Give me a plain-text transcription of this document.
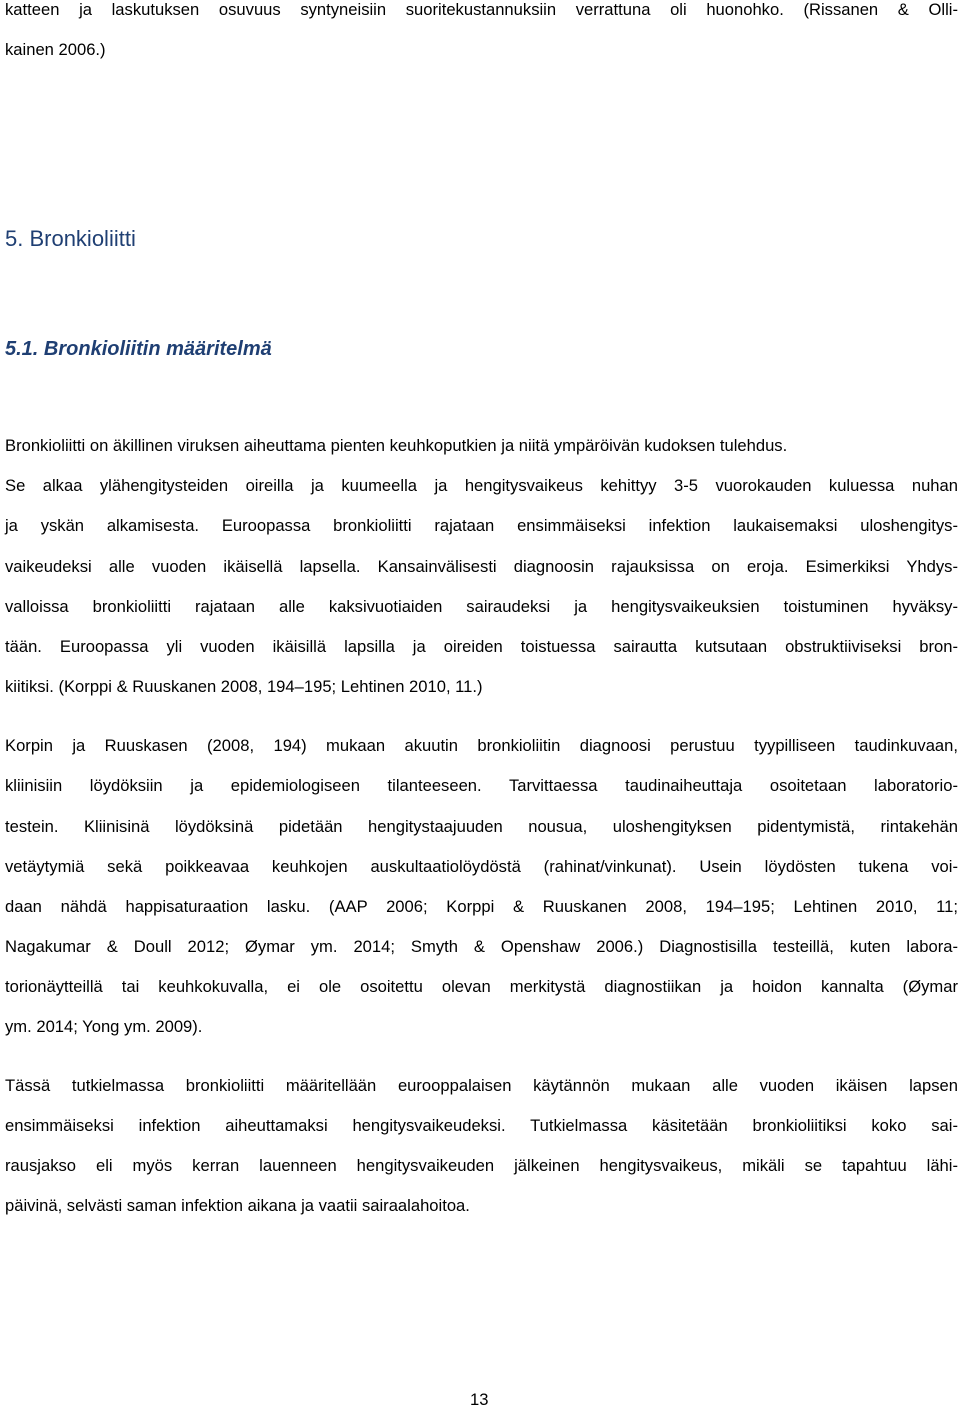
katteen ja laskutuksen osuvuus syntyneisiin suoritekustannuksiin verrattuna oli huonohko. (Rissanen & Olli-
kainen 2006.)
5. Bronkioliitti
5.1. Bronkioliitin määritelmä
Bronkioliitti on äkillinen viruksen aiheuttama pienten keuhkoputkien ja niitä ympäröivän kudoksen tulehdus.
Se alkaa ylähengitysteiden oireilla ja kuumeella ja hengitysvaikeus kehittyy 3-5 vuorokauden kuluessa nuhan
ja yskän alkamisesta. Euroopassa bronkioliitti rajataan ensimmäiseksi infektion laukaisemaksi uloshengitys-
vaikeudeksi alle vuoden ikäisellä lapsella. Kansainvälisesti diagnoosin rajauksissa on eroja. Esimerkiksi Yhdys-
valloissa bronkioliitti rajataan alle kaksivuotiaiden sairaudeksi ja hengitysvaikeuksien toistuminen hyväksy-
tään. Euroopassa yli vuoden ikäisillä lapsilla ja oireiden toistuessa sairautta kutsutaan obstruktiiviseksi bron-
kiitiksi. (Korppi & Ruuskanen 2008, 194–195; Lehtinen 2010, 11.)
Korpin ja Ruuskasen (2008, 194) mukaan akuutin bronkioliitin diagnoosi perustuu tyypilliseen taudinkuvaan,
kliinisiin löydöksiin ja epidemiologiseen tilanteeseen. Tarvittaessa taudinaiheuttaja osoitetaan laboratorio-
testein. Kliinisinä löydöksinä pidetään hengitystaajuuden nousua, uloshengityksen pidentymistä, rintakehän
vetäytymiä sekä poikkeavaa keuhkojen auskultaatiolöydöstä (rahinat/vinkunat). Usein löydösten tukena voi-
daan nähdä happisaturaation lasku. (AAP 2006; Korppi & Ruuskanen 2008, 194–195; Lehtinen 2010, 11;
Nagakumar & Doull 2012; Øymar ym. 2014; Smyth & Openshaw 2006.) Diagnostisilla testeillä, kuten labora-
torionäytteillä tai keuhkokuvalla, ei ole osoitettu olevan merkitystä diagnostiikan ja hoidon kannalta (Øymar
ym. 2014; Yong ym. 2009).
Tässä tutkielmassa bronkioliitti määritellään eurooppalaisen käytännön mukaan alle vuoden ikäisen lapsen
ensimmäiseksi infektion aiheuttamaksi hengitysvaikeudeksi. Tutkielmassa käsitetään bronkioliitiksi koko sai-
rausjakso eli myös kerran lauenneen hengitysvaikeuden jälkeinen hengitysvaikeus, mikäli se tapahtuu lähi-
päivinä, selvästi saman infektion aikana ja vaatii sairaalahoitoa.
13
